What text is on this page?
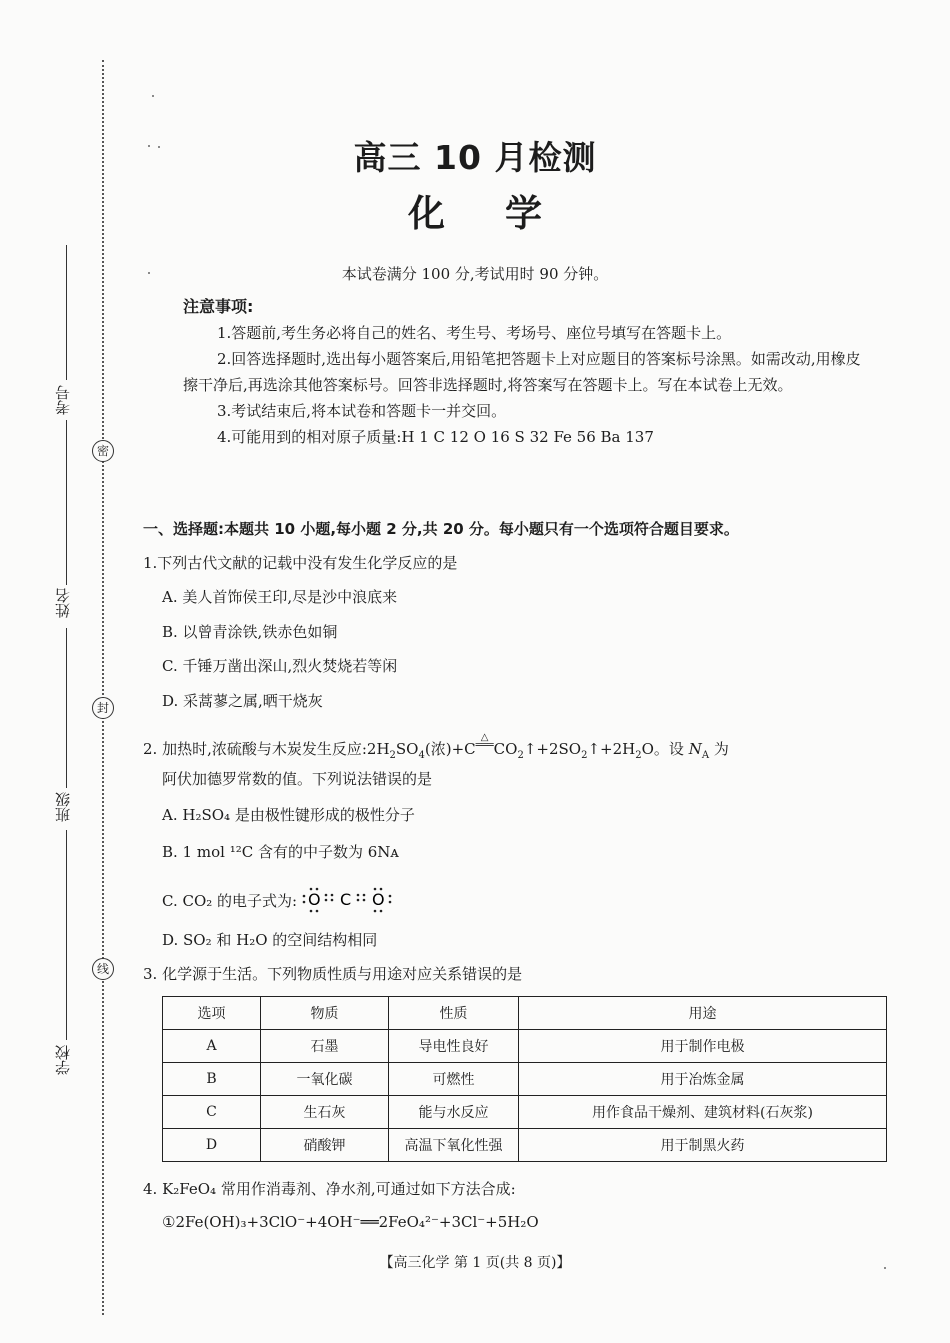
考号
姓名
班级
学校
密
封
线
高三 10 月检测
化学
本试卷满分 100 分,考试用时 90 分钟。
注意事项:

1.答题前,考生务必将自己的姓名、考生号、考场号、座位号填写在答题卡上。

2.回答选择题时,选出每小题答案后,用铅笔把答题卡上对应题目的答案标号涂黑。如需改动,用橡皮擦干净后,再选涂其他答案标号。回答非选择题时,将答案写在答题卡上。写在本试卷上无效。

3.考试结束后,将本试卷和答题卡一并交回。

4.可能用到的相对原子质量:H 1 C 12 O 16 S 32 Fe 56 Ba 137

一、选择题:本题共 10 小题,每小题 2 分,共 20 分。每小题只有一个选项符合题目要求。
1.下列古代文献的记载中没有发生化学反应的是
A. 美人首饰侯王印,尽是沙中浪底来
B. 以曾青涂铁,铁赤色如铜
C. 千锤万凿出深山,烈火焚烧若等闲
D. 采蒿蓼之属,晒干烧灰
2. 加热时,浓硫酸与木炭发生反应$:2H_2SO_4$(浓)+C△
$═══CO_2↑+2SO_2↑+2H_2O$。设 $N_A$ 为
阿伏加德罗常数的值。下列说法错误的是
A. H₂SO₄ 是由极性键形成的极性分子
B. 1 mol ¹²C 含有的中子数为 6Nᴀ
C. CO₂ 的电子式为: O C O
D. SO₂ 和 H₂O 的空间结构相同
3. 化学源于生活。下列物质性质与用途对应关系错误的是
选项	物质	性质	用途
A	石墨	导电性良好	用于制作电极
B	一氧化碳	可燃性	用于冶炼金属
C	生石灰	能与水反应	用作食品干燥剂、建筑材料(石灰浆)
D	硝酸钾	高温下氧化性强	用于制黑火药
4. K₂FeO₄ 常用作消毒剂、净水剂,可通过如下方法合成:
①2Fe(OH)₃+3ClO⁻+4OH⁻══2FeO₄²⁻+3Cl⁻+5H₂O
【高三化学 第 1 页(共 8 页)】
